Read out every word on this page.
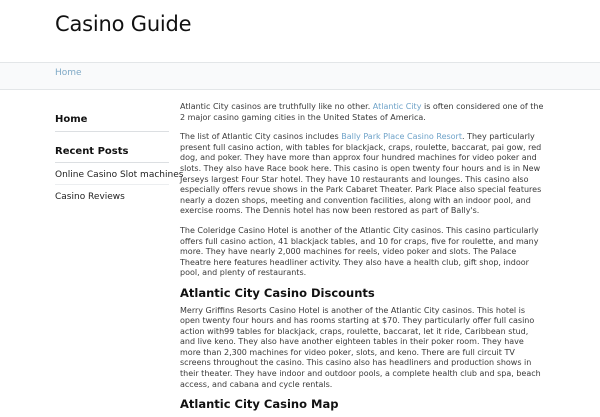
Casino Guide
Home
Home
Recent Posts
Online Casino Slot machines
Casino Reviews

Atlantic City casinos are truthfully like no other. Atlantic City is often considered one of the 2 major casino gaming cities in the United States of America.

The list of Atlantic City casinos includes Bally Park Place Casino Resort. They particularly present full casino action, with tables for blackjack, craps, roulette, baccarat, pai gow, red dog, and poker. They have more than approx four hundred machines for video poker and slots. They also have Race book here. This casino is open twenty four hours and is in New Jerseys largest Four Star hotel. They have 10 restaurants and lounges. This casino also especially offers revue shows in the Park Cabaret Theater. Park Place also special features nearly a dozen shops, meeting and convention facilities, along with an indoor pool, and exercise rooms. The Dennis hotel has now been restored as part of Bally's.

The Coleridge Casino Hotel is another of the Atlantic City casinos. This casino particularly offers full casino action, 41 blackjack tables, and 10 for craps, five for roulette, and many more. They have nearly 2,000 machines for reels, video poker and slots. The Palace Theatre here features headliner activity. They also have a health club, gift shop, indoor pool, and plenty of restaurants.

Atlantic City Casino Discounts

Merry Griffins Resorts Casino Hotel is another of the Atlantic City casinos. This hotel is open twenty four hours and has rooms starting at $70. They particularly offer full casino action with99 tables for blackjack, craps, roulette, baccarat, let it ride, Caribbean stud, and live keno. They also have another eighteen tables in their poker room. They have more than 2,300 machines for video poker, slots, and keno. There are full circuit TV screens throughout the casino. This casino also has headliners and production shows in their theater. They have indoor and outdoor pools, a complete health club and spa, beach access, and cabana and cycle rentals.

Atlantic City Casino Map
